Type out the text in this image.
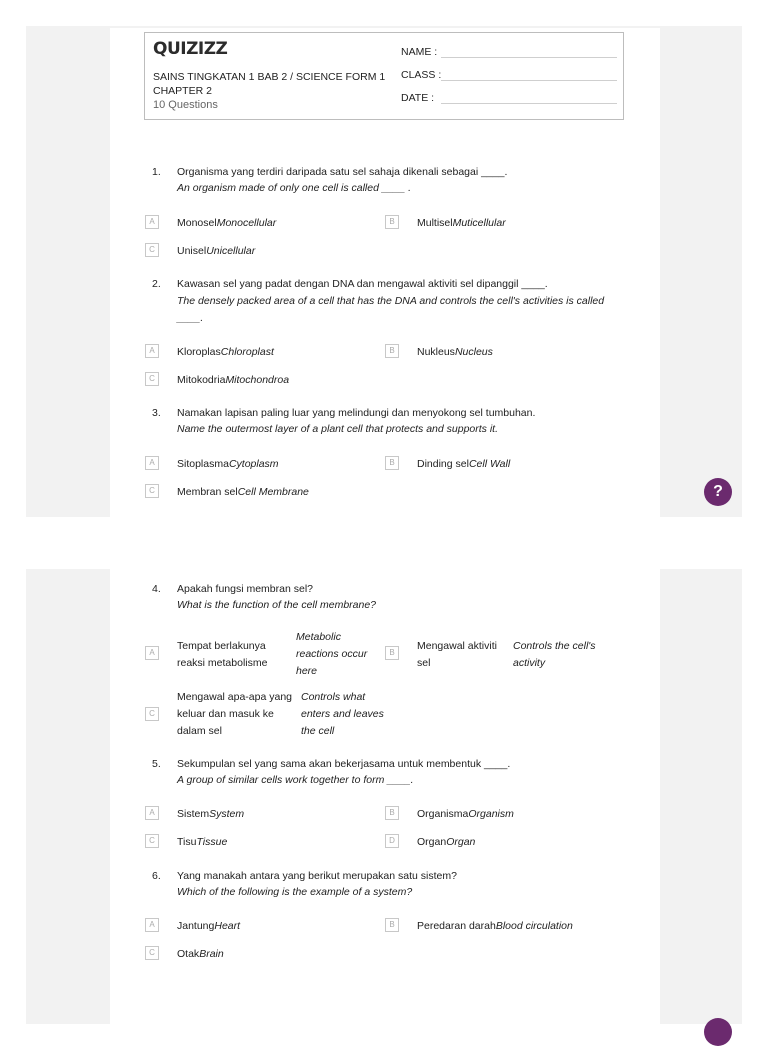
QUIZIZZ
SAINS TINGKATAN 1 BAB 2 / SCIENCE FORM 1 CHAPTER 2
10 Questions
NAME :
CLASS :
DATE :
1. Organisma yang terdiri daripada satu sel sahaja dikenali sebagai ____.
An organism made of only one cell is called ____ .
A	MonoselMonocellular	B	MultiselMuticellular
C	UniselUnicellular
2. Kawasan sel yang padat dengan DNA dan mengawal aktiviti sel dipanggil ____.
The densely packed area of a cell that has the DNA and controls the cell's activities is called ____.
A	KloroplasChloroplast	B	NukleusNucleus
C	MitokodriaMitochondroa
3. Namakan lapisan paling luar yang melindungi dan menyokong sel tumbuhan.
Name the outermost layer of a plant cell that protects and supports it.
A	SitoplasmaCytoplasm	B	Dinding selCell Wall
C	Membran selCell Membrane	?
4. Apakah fungsi membran sel?
What is the function of the cell membrane?
A
Tempat berlakunya reaksi metabolisme
Metabolic reactions occur here
B
Mengawal aktiviti sel
Controls the cell's activity
C
Mengawal apa-apa yang keluar dan masuk ke dalam sel
Controls what enters and leaves the cell
5. Sekumpulan sel yang sama akan bekerjasama untuk membentuk ____.
A group of similar cells work together to form ____.
A	SistemSystem	B	OrganismaOrganism
C	TisuTissue	D	OrganOrgan
6. Yang manakah antara yang berikut merupakan satu sistem?
Which of the following is the example of a system?
A	JantungHeart	B	Peredaran darahBlood circulation
C	OtakBrain
